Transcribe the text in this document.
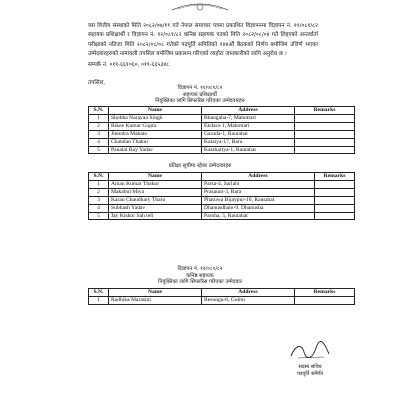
यस वित्तीय संस्थाको मिति २०८२/०७/११ गते नेपाल समाचार पत्रमा प्रकाशित विज्ञापनमा विज्ञापन नं. ११/०८१/८२ सहायक प्रशिक्षार्थी र विज्ञापन नं. १२/०८१/८२ कनिष्ठ सहायक पदको मिति २०८२/०८/०४ गते लिइएको अन्तर्वार्ता परीक्षाको नतिजा मिति २०८२/०८/०८ गतेको पदपूर्ति समितिको १४४औं बैठकको निर्णय बमोजिम उत्तिर्ण भएका उम्मेदवारहरुको नामावली तपसिल बमोजिम प्रकाशन गरिएको व्यहोरा जानकारीको लागि अनुरोध छ ।
सम्पर्क नं. ०११-६६१०६०, ०११-६६५३४८
तपसिल,
विज्ञापन नं. ११/०८१/८२
सहायक प्रशिक्षार्थी
नियुक्तिका लागि सिफारिस गरिएका उम्मेदवारहरु
S.N.	Name	Address	Remarks
1	Shobha Narayan Singh	Bhangaha-7, Mahottari	
2	Rikee Kumar Gupta	Ekdara-1, Mahottari	
3	Jitendra Mahato	Garuda-1, Rautahat	
4	Chandan Thakur	Kalaiya-17, Bara	
5	Panalal Ray Yadav	Katahariya-1, Rautahat	
प्रतिक्षा सूचीमा रहेका उम्मेदवारहरु
S.N.	Name	Address	Remarks
1	Aman Kumar Thakur	Parsa-4, Sarlahi	
2	Makabul Miya	Prasauni-3, Bara	
3	Karan Chaudhary Tharu	Phatuwa Bijaypur-10, Rautahat	
4	Subhash Yadav	Dhanusdham-9, Dhanusha	
5	Jay Kishor Sah teli	Paroha, 5, Rautahat	
विज्ञापन नं. १२/०८१/८२
कनिष्ठ सहायक
नियुक्तिका लागि सिफारिस गरिएका उम्मेदवार
S.N.	Name	Address	Remarks
1	Radhika Marasini	Resunga-6, Gulmi	
सदस्य सचिव
पदपूर्ति समिति
